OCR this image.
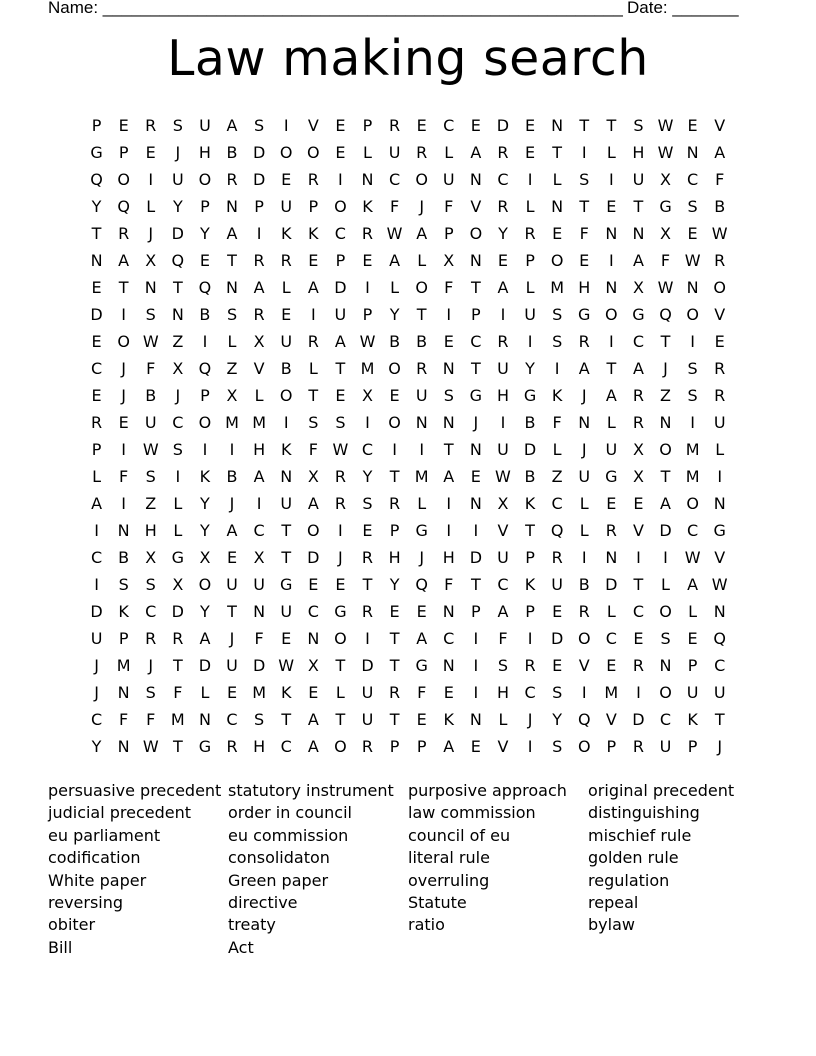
Name: _______________________________________________________ Date: _______
Law making search
P	E	R	S	U A	S	I	V	E	P	R	E	C	E D E	N	T	T	S W E	V
G	P	E	J	H B D O O E	L	U R	L	A	R	E	T	I	L	H W N A
Q O	I	U O R D E	R	I	N C O U N C	I	L	S	I	U X	C	F
Y Q	L	Y	P	N	P	U	P O K	F	J	F	V	R	L	N	T	E	T	G S	B
T	R	J	D	Y	A	I	K	K	C R W A	P O Y	R	E	F	N N X	E W
N A	X Q E	T	R R	E	P	E	A	L	X N	E	P O E	I	A	F W R
E	T	N	T Q N A	L	A D	I	L	O	F	T	A	L M H N X W N O
D	I	S	N B	S	R	E	I	U	P	Y	T	I	P	I	U	S G O G Q O V
E O W Z	I	L	X U R	A W B	B	E	C R	I	S	R	I	C	T	I	E
C	J	F	X Q Z	V	B	L	T M O R N	T	U	Y	I	A	T	A	J	S	R
E	J	B	J	P	X	L	O T	E	X	E	U	S G H G K	J	A	R	Z	S	R
R	E	U C O M M	I	S	S	I	O N N	J	I	B	F	N	L	R N	I	U
P	I	W S	I	I	H K	F W C	I	I	T	N U D	L	J	U X O M L
L	F	S	I	K	B	A N X	R	Y	T M A	E W B	Z U G X	T M	I
A	I	Z	L	Y	J	I	U A	R	S	R	L	I	N X	K	C	L	E	E	A O N
I	N H	L	Y	A	C	T O	I	E	P	G	I	I	V	T Q	L	R	V D C G
C	B	X G X	E	X	T	D	J	R H	J	H D U	P	R	I	N	I	I	W V
I	S	S	X O U U G E	E	T	Y Q	F	T	C	K U B D	T	L	A W
D K	C D	Y	T	N U C G R	E	E	N	P	A	P	E	R	L	C O	L	N
U	P	R R	A	J	F	E	N O	I	T	A	C	I	F	I	D O C	E	S	E Q
J	M	J	T	D U D W X	T	D	T	G N	I	S	R	E	V	E	R N	P	C
J	N	S	F	L	E M K	E	L	U R	F	E	I	H C	S	I	M	I	O U U
C	F	F M N C	S	T	A	T	U	T	E	K N	L	J	Y Q V D C	K	T
Y	N W T	G R H C	A O R	P	P	A	E	V	I	S O P	R U	P	J
persuasive precedent
judicial precedent
eu parliament
codification
White paper
reversing
obiter
Bill
statutory instrument
order in council
eu commission
consolidaton
Green paper
directive
treaty
Act
purposive approach
law commission
council of eu
literal rule
overruling
Statute
ratio
original precedent
distinguishing
mischief rule
golden rule
regulation
repeal
bylaw
